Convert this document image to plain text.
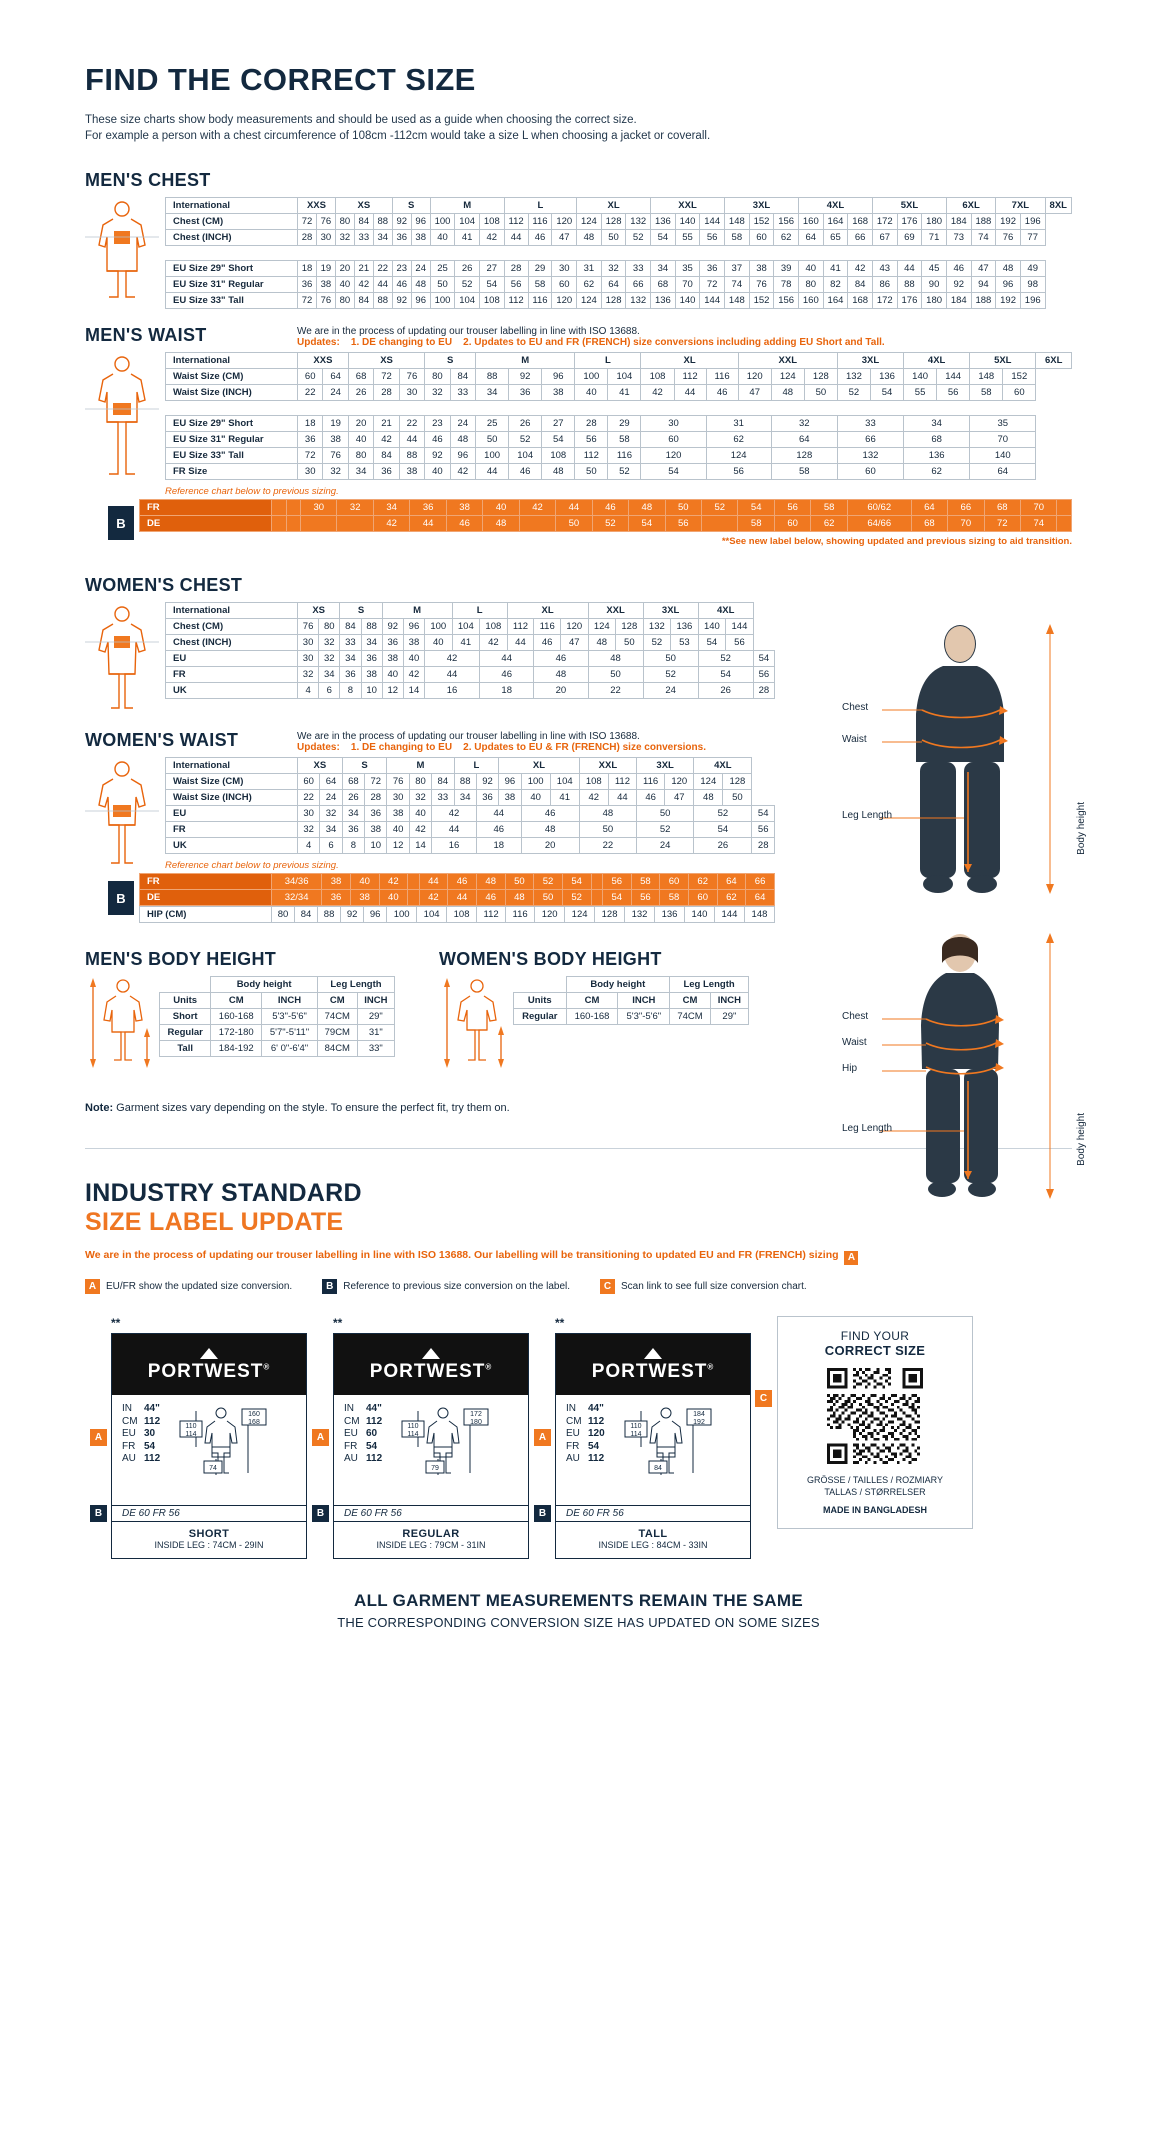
FIND THE CORRECT SIZE
These size charts show body measurements and should be used as a guide when choosing the correct size.
For example a person with a chest circumference of 108cm -112cm would take a size L when choosing a jacket or coverall.
MEN'S CHEST
International	XXS		XS			S		M			L			XL			XXL			3XL			4XL			5XL			6XL		7XL		8XL
Chest (CM)	72	76	80	84	88	92	96	100	104	108	112	116	120	124	128	132	136	140	144	148	152	156	160	164	168	172	176	180	184	188	192	196	
Chest (INCH)	28	30	32	33	34	36	38	40	41	42	44	46	47	48	50	52	54	55	56	58	60	62	64	65	66	67	69	71	73	74	76	77	

EU Size 29" Short	18	19	20	21	22	23	24	25	26	27	28	29	30	31	32	33	34	35	36	37	38	39	40	41	42	43	44	45	46	47	48	49	
EU Size 31" Regular	36	38	40	42	44	46	48	50	52	54	56	58	60	62	64	66	68	70	72	74	76	78	80	82	84	86	88	90	92	94	96	98	
EU Size 33" Tall	72	76	80	84	88	92	96	100	104	108	112	116	120	124	128	132	136	140	144	148	152	156	160	164	168	172	176	180	184	188	192	196	
MEN'S WAIST	We are in the process of updating our trouser labelling in line with ISO 13688.
Updates: 1. DE changing to EU 2. Updates to EU and FR (FRENCH) size conversions including adding EU Short and Tall.
International	XXS		XS			S		M			L		XL			XXL			3XL		4XL		5XL		6XL
Waist Size (CM)	60	64	68	72	76	80	84	88	92	96	100	104	108	112	116	120	124	128	132	136	140	144	148	152	
Waist Size (INCH)	22	24	26	28	30	32	33	34	36	38	40	41	42	44	46	47	48	50	52	54	55	56	58	60	

EU Size 29" Short	18	19	20	21	22	23	24	25	26	27	28	29	30		31		32		33		34		35		
EU Size 31" Regular	36	38	40	42	44	46	48	50	52	54	56	58	60		62		64		66		68		70		
EU Size 33" Tall	72	76	80	84	88	92	96	100	104	108	112	116	120		124		128		132		136		140		
FR Size	30	32	34	36	38	40	42	44	46	48	50	52	54		56		58		60		62		64		
Reference chart below to previous sizing.
B
FR			30	32	34	36	38	40	42	44	46	48	50	52	54	56	58	60/62	64	66	68	70	
DE					42	44	46	48		50	52	54	56		58	60	62	64/66	68	70	72	74	
**See new label below, showing updated and previous sizing to aid transition.
Chest
Waist
Leg Length	Body height
Chest
Waist
Hip
Leg Length	Body height
WOMEN'S CHEST
International	XS		S		M			L		XL			XXL		3XL		4XL		
Chest (CM)	76	80	84	88	92	96	100	104	108	112	116	120	124	128	132	136	140	144	
Chest (INCH)	30	32	33	34	36	38	40	41	42	44	46	47	48	50	52	53	54	56	
EU	30	32	34	36	38	40	42		44		46		48		50		52		54
FR	32	34	36	38	40	42	44		46		48		50		52		54		56
UK	4	6	8	10	12	14	16		18		20		22		24		26		28
WOMEN'S WAIST	We are in the process of updating our trouser labelling in line with ISO 13688.
Updates: 1. DE changing to EU 2. Updates to EU & FR (FRENCH) size conversions.
International	XS		S		M			L		XL			XXL		3XL		4XL		
Waist Size (CM)	60	64	68	72	76	80	84	88	92	96	100	104	108	112	116	120	124	128	
Waist Size (INCH)	22	24	26	28	30	32	33	34	36	38	40	41	42	44	46	47	48	50	
EU	30	32	34	36	38	40	42		44		46		48		50		52		54
FR	32	34	36	38	40	42	44		46		48		50		52		54		56
UK	4	6	8	10	12	14	16		18		20		22		24		26		28
Reference chart below to previous sizing.
B
FR	34/36	38	40	42		44	46	48	50	52	54		56	58	60	62	64	66
DE	32/34	36	38	40		42	44	46	48	50	52		54	56	58	60	62	64
HIP (CM)	80	84	88	92	96	100	104	108	112	116	120	124	128	132	136	140	144	148
MEN'S BODY HEIGHT
	Body height		Leg Length	
Units	CM	INCH	CM	INCH
Short	160-168	5'3"-5'6"	74CM	29"
Regular	172-180	5'7"-5'11"	79CM	31"
Tall	184-192	6' 0"-6'4"	84CM	33"
WOMEN'S BODY HEIGHT
	Body height		Leg Length	
Units	CM	INCH	CM	INCH
Regular	160-168	5'3"-5'6"	74CM	29"
Note: Garment sizes vary depending on the style. To ensure the perfect fit, try them on.
INDUSTRY STANDARD
SIZE LABEL UPDATE
We are in the process of updating our trouser labelling in line with ISO 13688. Our labelling will be transitioning to updated EU and FR (FRENCH) sizing A
A EU/FR show the updated size conversion.	B Reference to previous size conversion on the label.	C Scan link to see full size conversion chart.
**
PORTWEST®
A
IN 44"
CM 112
EU 30
FR 54
AU 112
110
114
160
168
74
B	DE 60 FR 56
SHORT
INSIDE LEG : 74CM - 29IN
**
PORTWEST®
A
IN 44"
CM 112
EU 60
FR 54
AU 112
110
114
172
180
79
B	DE 60 FR 56
REGULAR
INSIDE LEG : 79CM - 31IN
**
PORTWEST®
A
IN 44"
CM 112
EU 120
FR 54
AU 112
110
114
184
192
84
B	DE 60 FR 56
TALL
INSIDE LEG : 84CM - 33IN
C
FIND YOUR
CORRECT SIZE
GRÖSSE / TAILLES / ROZMIARY
TALLAS / STØRRELSER
MADE IN BANGLADESH
ALL GARMENT MEASUREMENTS REMAIN THE SAME
THE CORRESPONDING CONVERSION SIZE HAS UPDATED ON SOME SIZES
